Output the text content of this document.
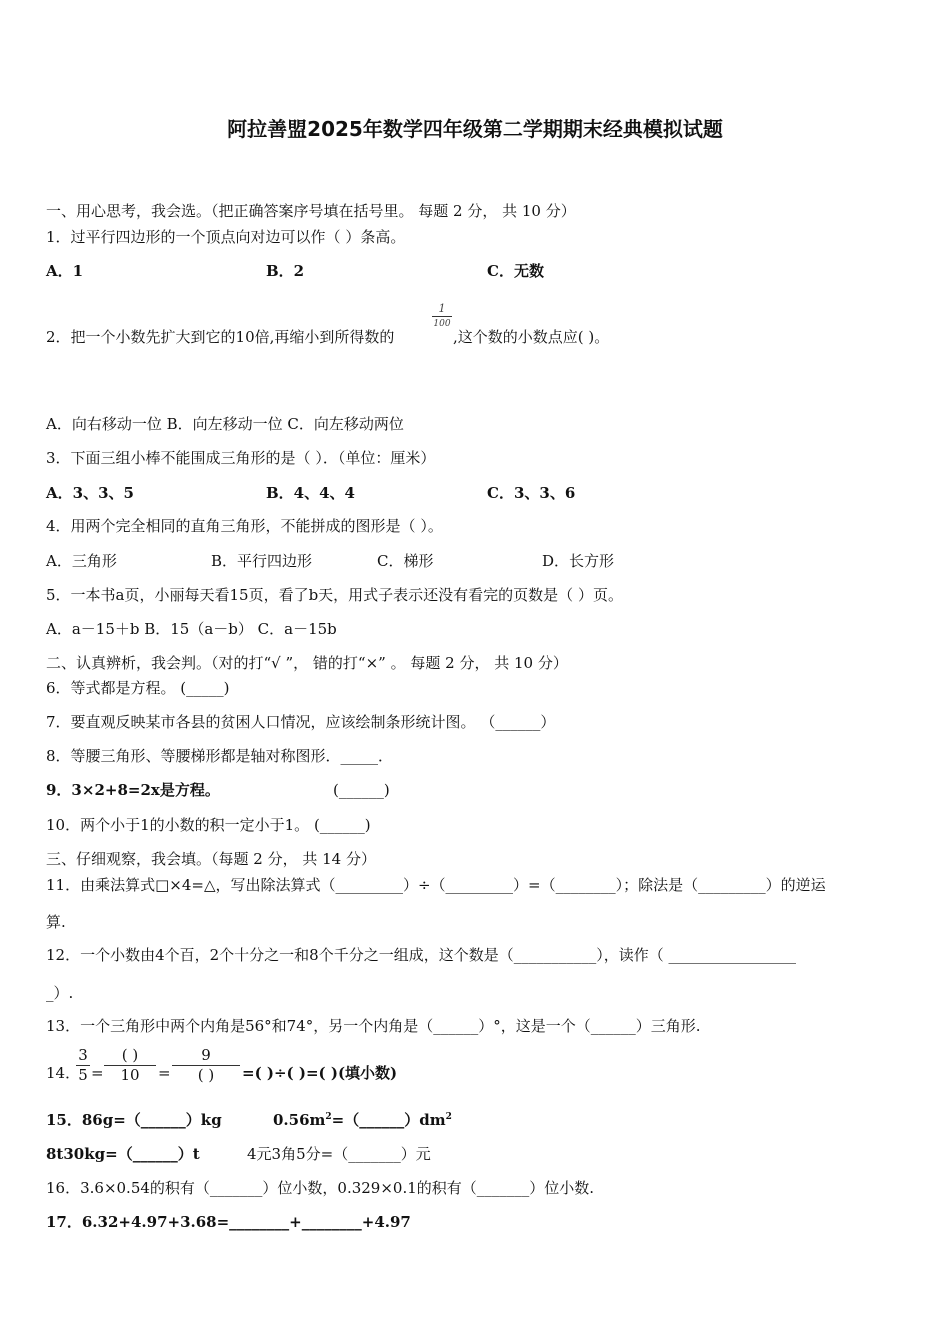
阿拉善盟2025年数学四年级第二学期期末经典模拟试题
一、用心思考，我会选。（把正确答案序号填在括号里。 每题 2 分， 共 10 分）
1．过平行四边形的一个顶点向对边可以作（ ）条高。
A．1	B．2	C．无数
2．把一个小数先扩大到它的10倍,再缩小到所得数的
1
100
,这个数的小数点应( )。
A．向右移动一位 B．向左移动一位 C．向左移动两位
3．下面三组小棒不能围成三角形的是（ ）．（单位：厘米）
A．3、3、5	B．4、4、4	C．3、3、6
4．用两个完全相同的直角三角形，不能拼成的图形是（ ）。
A．三角形	B．平行四边形	C．梯形	D．长方形
5．一本书a页，小丽每天看15页，看了b天，用式子表示还没有看完的页数是（ ）页。
A．a－15＋b B．15（a－b） C．a－15b
二、认真辨析，我会判。（对的打“√ ”， 错的打“×” 。 每题 2 分， 共 10 分）
6．等式都是方程。 (_____)
7．要直观反映某市各县的贫困人口情况，应该绘制条形统计图。 （______）
8．等腰三角形、等腰梯形都是轴对称图形．_____．
9．3×2+8=2x是方程。	(______)
10．两个小于1的小数的积一定小于1。 (______)
三、仔细观察，我会填。（每题 2 分， 共 14 分）
11．由乘法算式□×4=△，写出除法算式（_________）÷（_________）=（________）；除法是（_________）的逆运
算.
12．一个小数由4个百，2个十分之一和8个千分之一组成，这个数是（___________），读作（ _________________
_）.
13．一个三角形中两个内角是56°和74°，另一个内角是（______）°，这是一个（______）三角形.
14．
3
5 =
( )
10	=
9
( )	=( )÷( )=( )(填小数)
15．86g=（______）kg	$0.56m^2=(\_\_\_\_\_\_)dm^2$
8t30kg=（______）t	4元3角5分=（_______）元
16．3.6×0.54的积有（_______）位小数，0.329×0.1的积有（_______）位小数.
17．6.32+4.97+3.68=________+________+4.97
